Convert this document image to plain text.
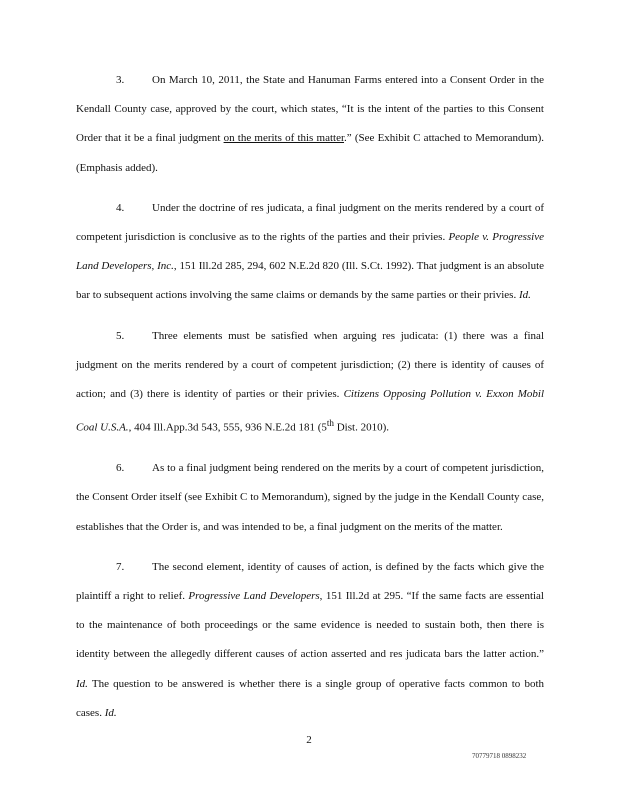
3.	On March 10, 2011, the State and Hanuman Farms entered into a Consent Order in the Kendall County case, approved by the court, which states, “It is the intent of the parties to this Consent Order that it be a final judgment on the merits of this matter.” (See Exhibit C attached to Memorandum). (Emphasis added).

4.	Under the doctrine of res judicata, a final judgment on the merits rendered by a court of competent jurisdiction is conclusive as to the rights of the parties and their privies. People v. Progressive Land Developers, Inc., 151 Ill.2d 285, 294, 602 N.E.2d 820 (Ill. S.Ct. 1992). That judgment is an absolute bar to subsequent actions involving the same claims or demands by the same parties or their privies. Id.

5.	Three elements must be satisfied when arguing res judicata: (1) there was a final judgment on the merits rendered by a court of competent jurisdiction; (2) there is identity of causes of action; and (3) there is identity of parties or their privies. Citizens Opposing Pollution v. Exxon Mobil Coal U.S.A., 404 Ill.App.3d 543, 555, 936 N.E.2d 181 (5th Dist. 2010).

6.	As to a final judgment being rendered on the merits by a court of competent jurisdiction, the Consent Order itself (see Exhibit C to Memorandum), signed by the judge in the Kendall County case, establishes that the Order is, and was intended to be, a final judgment on the merits of the matter.

7.	The second element, identity of causes of action, is defined by the facts which give the plaintiff a right to relief. Progressive Land Developers, 151 Ill.2d at 295. “If the same facts are essential to the maintenance of both proceedings or the same evidence is needed to sustain both, then there is identity between the allegedly different causes of action asserted and res judicata bars the latter action.” Id. The question to be answered is whether there is a single group of operative facts common to both cases. Id.

2
70779718 0898232
